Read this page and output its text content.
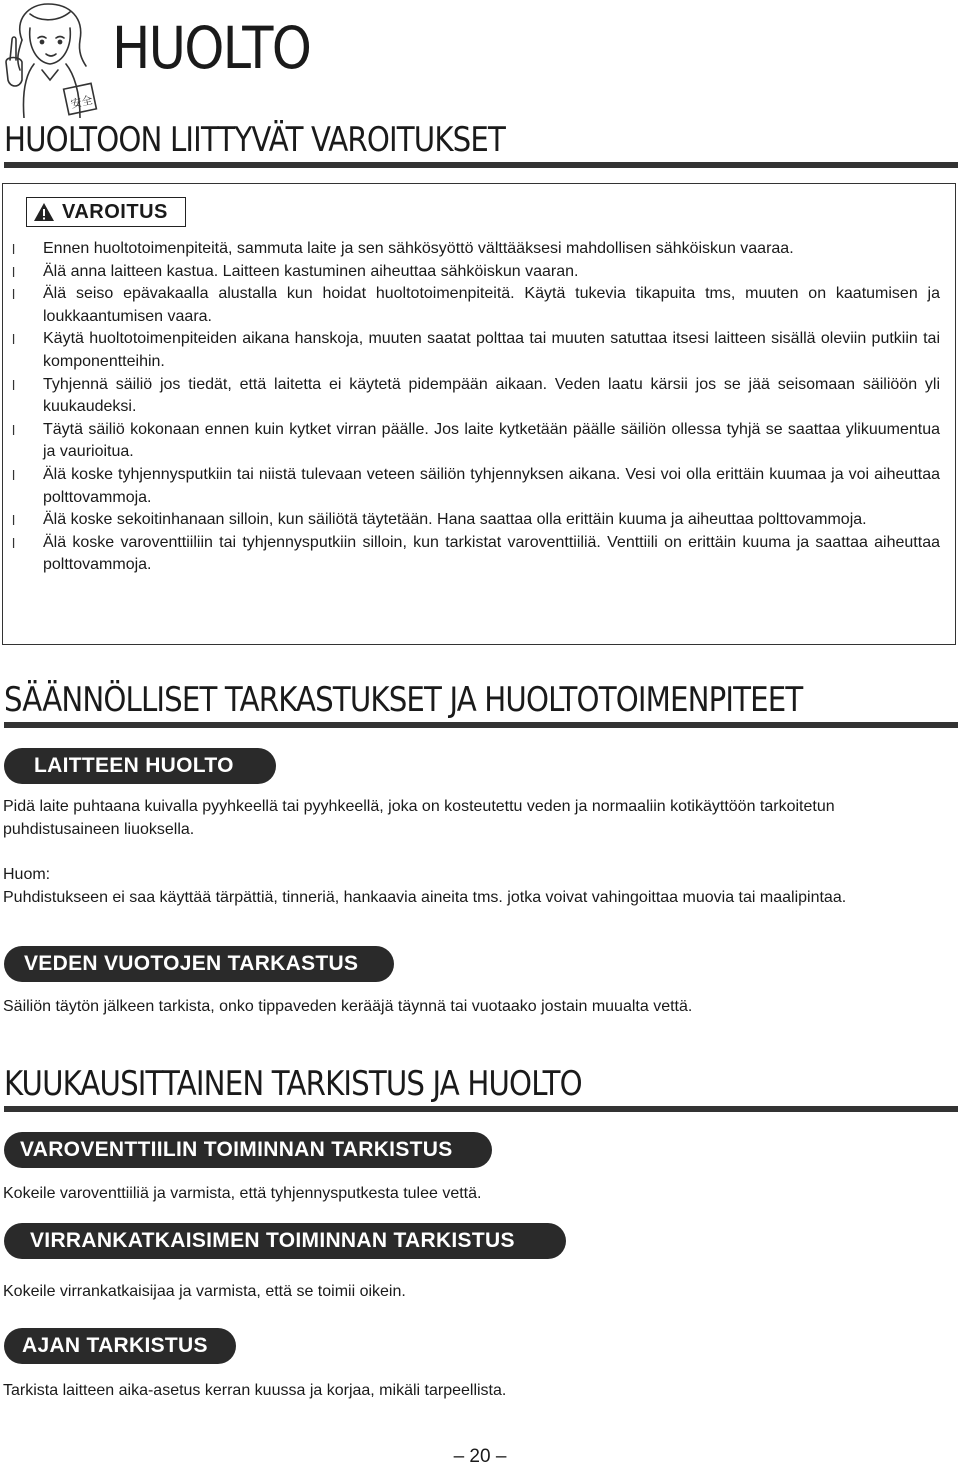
安全
HUOLTO
HUOLTOON LIITTYVÄT VAROITUKSET
VAROITUS
l Ennen huoltotoimenpiteitä, sammuta laite ja sen sähkösyöttö välttääksesi mahdollisen sähköiskun vaaraa.
l Älä anna laitteen kastua. Laitteen kastuminen aiheuttaa sähköiskun vaaran.
l Älä seiso epävakaalla alustalla kun hoidat huoltotoimenpiteitä. Käytä tukevia tikapuita tms, muuten on kaatumisen ja loukkaantumisen vaara.
l Käytä huoltotoimenpiteiden aikana hanskoja, muuten saatat polttaa tai muuten satuttaa itsesi laitteen sisällä oleviin putkiin tai komponentteihin.
l Tyhjennä säiliö jos tiedät, että laitetta ei käytetä pidempään aikaan. Veden laatu kärsii jos se jää seisomaan säiliöön yli kuukaudeksi.
l Täytä säiliö kokonaan ennen kuin kytket virran päälle. Jos laite kytketään päälle säiliön ollessa tyhjä se saattaa ylikuumentua ja vaurioitua.
l Älä koske tyhjennysputkiin tai niistä tulevaan veteen säiliön tyhjennyksen aikana. Vesi voi olla erittäin kuumaa ja voi aiheuttaa polttovammoja.
l Älä koske sekoitinhanaan silloin, kun säiliötä täytetään. Hana saattaa olla erittäin kuuma ja aiheuttaa polttovammoja.
l Älä koske varoventtiiliin tai tyhjennysputkiin silloin, kun tarkistat varoventtiiliä. Venttiili on erittäin kuuma ja saattaa aiheuttaa polttovammoja.
SÄÄNNÖLLISET TARKASTUKSET JA HUOLTOTOIMENPITEET
LAITTEEN HUOLTO

Pidä laite puhtaana kuivalla pyyhkeellä tai pyyhkeellä, joka on kosteutettu veden ja normaaliin kotikäyttöön tarkoitetun puhdistusaineen liuoksella.

Huom:

Puhdistukseen ei saa käyttää tärpättiä, tinneriä, hankaavia aineita tms. jotka voivat vahingoittaa muovia tai maalipintaa.

VEDEN VUOTOJEN TARKASTUS

Säiliön täytön jälkeen tarkista, onko tippaveden kerääjä täynnä tai vuotaako jostain muualta vettä.

KUUKAUSITTAINEN TARKISTUS JA HUOLTO
VAROVENTTIILIN TOIMINNAN TARKISTUS

Kokeile varoventtiiliä ja varmista, että tyhjennysputkesta tulee vettä.

VIRRANKATKAISIMEN TOIMINNAN TARKISTUS

Kokeile virrankatkaisijaa ja varmista, että se toimii oikein.

AJAN TARKISTUS

Tarkista laitteen aika-asetus kerran kuussa ja korjaa, mikäli tarpeellista.

– 20 –
